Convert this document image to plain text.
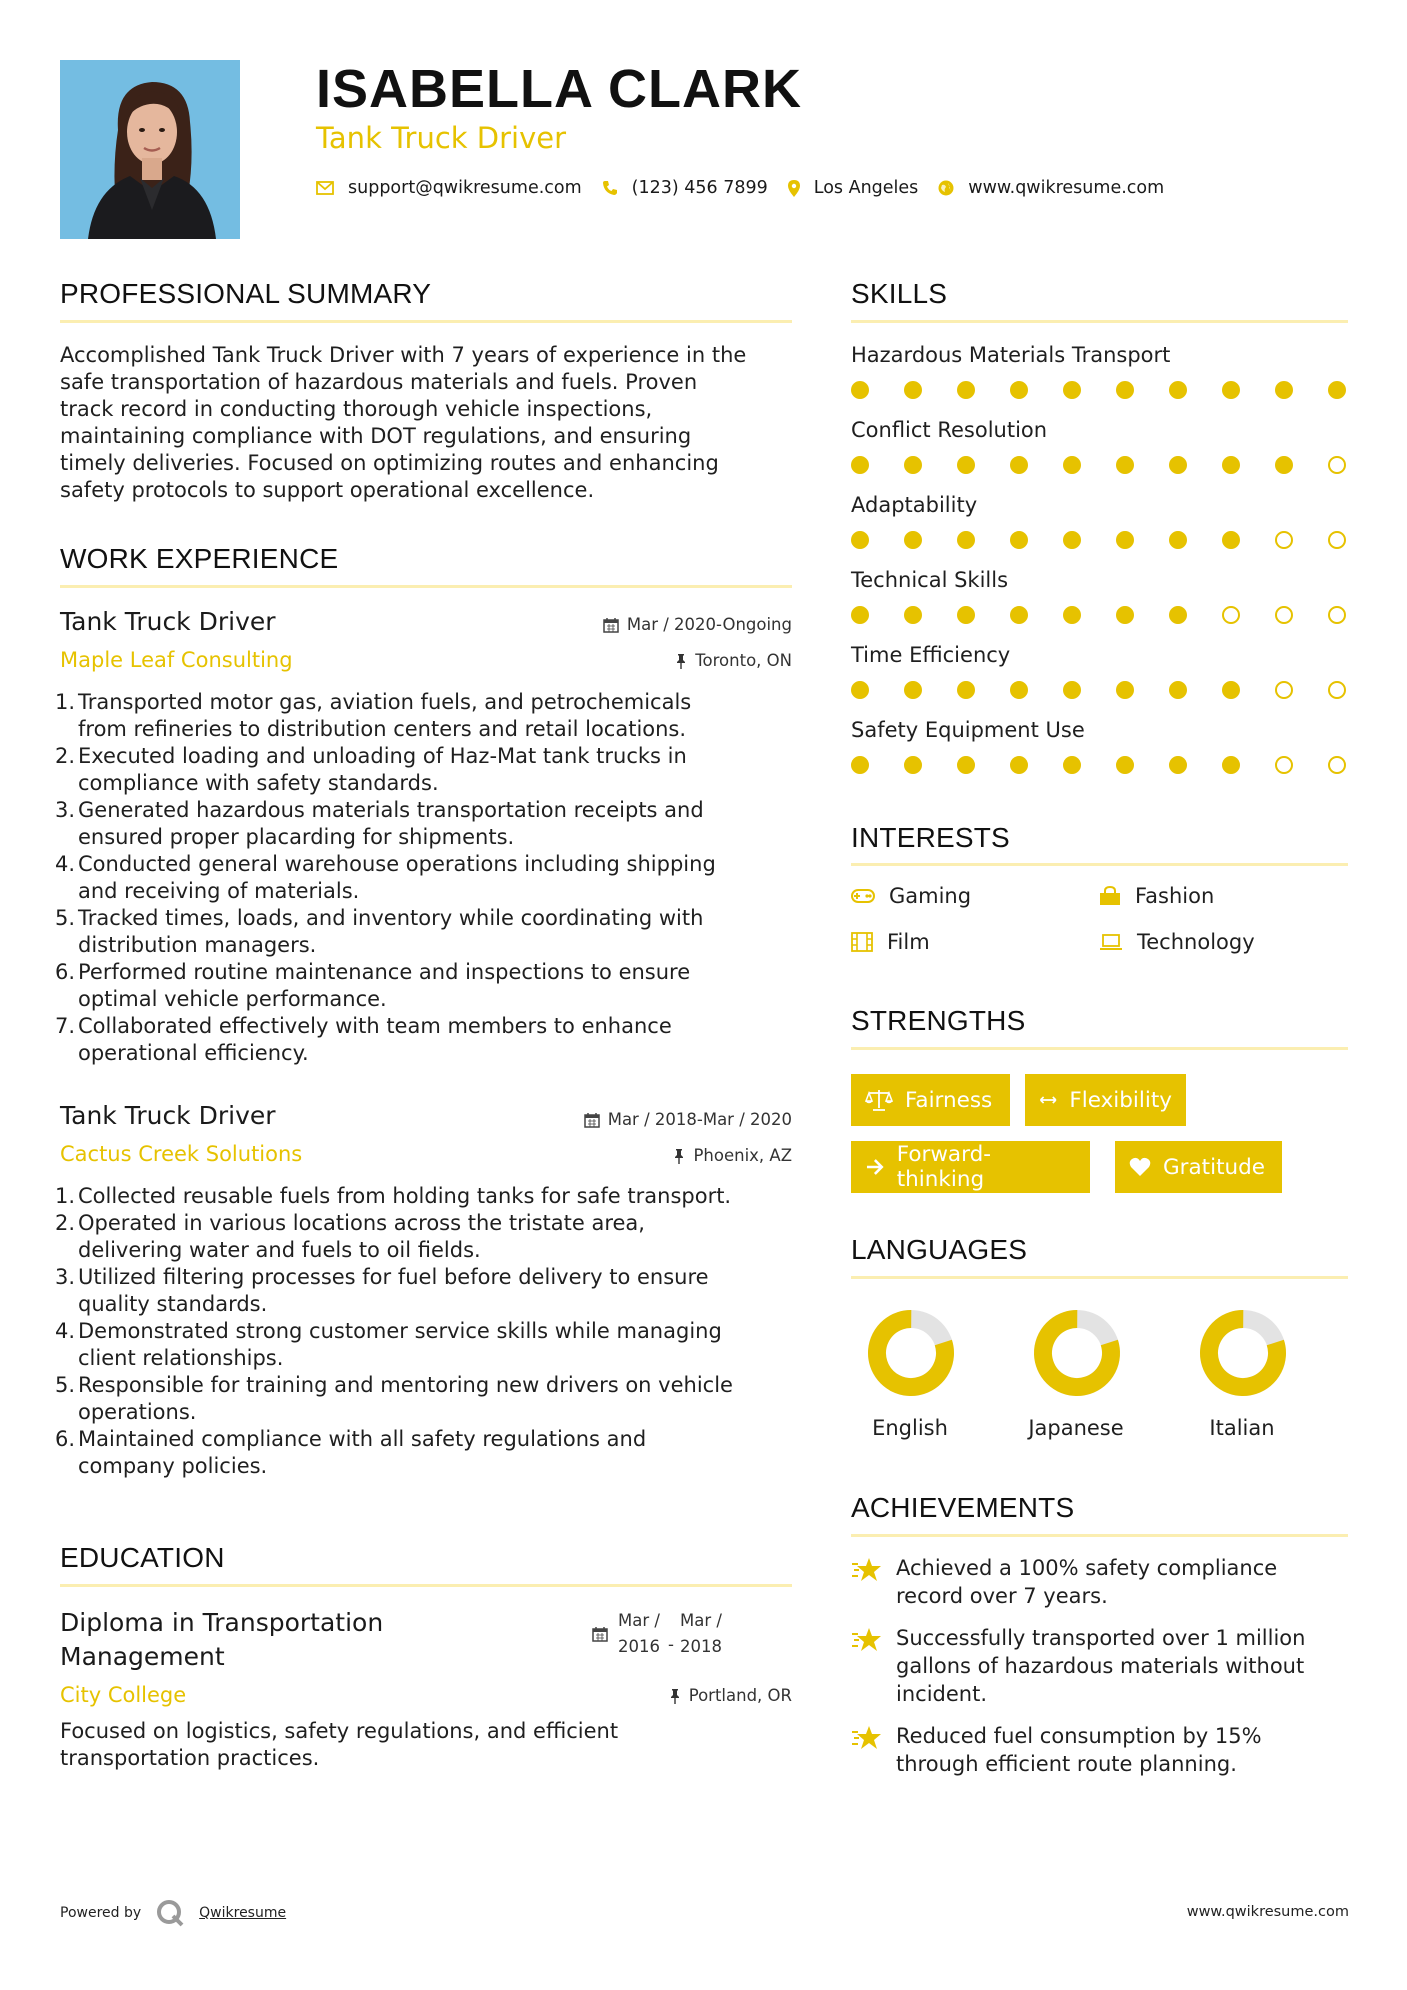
ISABELLA CLARK
Tank Truck Driver
support@qwikresume.com	(123) 456 7899	Los Angeles	www.qwikresume.com
PROFESSIONAL SUMMARY
Accomplished Tank Truck Driver with 7 years of experience in the
safe transportation of hazardous materials and fuels. Proven
track record in conducting thorough vehicle inspections,
maintaining compliance with DOT regulations, and ensuring
timely deliveries. Focused on optimizing routes and enhancing
safety protocols to support operational excellence.
WORK EXPERIENCE
Tank Truck Driver	Mar / 2020-Ongoing
Maple Leaf Consulting	Toronto, ON
Transported motor gas, aviation fuels, and petrochemicals
from refineries to distribution centers and retail locations.
Executed loading and unloading of Haz-Mat tank trucks in
compliance with safety standards.
Generated hazardous materials transportation receipts and
ensured proper placarding for shipments.
Conducted general warehouse operations including shipping
and receiving of materials.
Tracked times, loads, and inventory while coordinating with
distribution managers.
Performed routine maintenance and inspections to ensure
optimal vehicle performance.
Collaborated effectively with team members to enhance
operational efficiency.
Tank Truck Driver	Mar / 2018-Mar / 2020
Cactus Creek Solutions	Phoenix, AZ
Collected reusable fuels from holding tanks for safe transport.
Operated in various locations across the tristate area,
delivering water and fuels to oil fields.
Utilized filtering processes for fuel before delivery to ensure
quality standards.
Demonstrated strong customer service skills while managing
client relationships.
Responsible for training and mentoring new drivers on vehicle
operations.
Maintained compliance with all safety regulations and
company policies.
EDUCATION
Diploma in Transportation
Management
Mar /
2016 -
Mar /
2018
City College	Portland, OR
Focused on logistics, safety regulations, and efficient
transportation practices.
SKILLS
Hazardous Materials Transport
Conflict Resolution
Adaptability
Technical Skills
Time Efficiency
Safety Equipment Use
INTERESTS
Gaming	Fashion
Film	Technology
STRENGTHS
Fairness	Flexibility
Forward-thinking	Gratitude
LANGUAGES
English	Japanese	Italian
ACHIEVEMENTS
Achieved a 100% safety compliance
record over 7 years.
Successfully transported over 1 million
gallons of hazardous materials without
incident.
Reduced fuel consumption by 15%
through efficient route planning.
Powered by	Qwikresume	www.qwikresume.com
